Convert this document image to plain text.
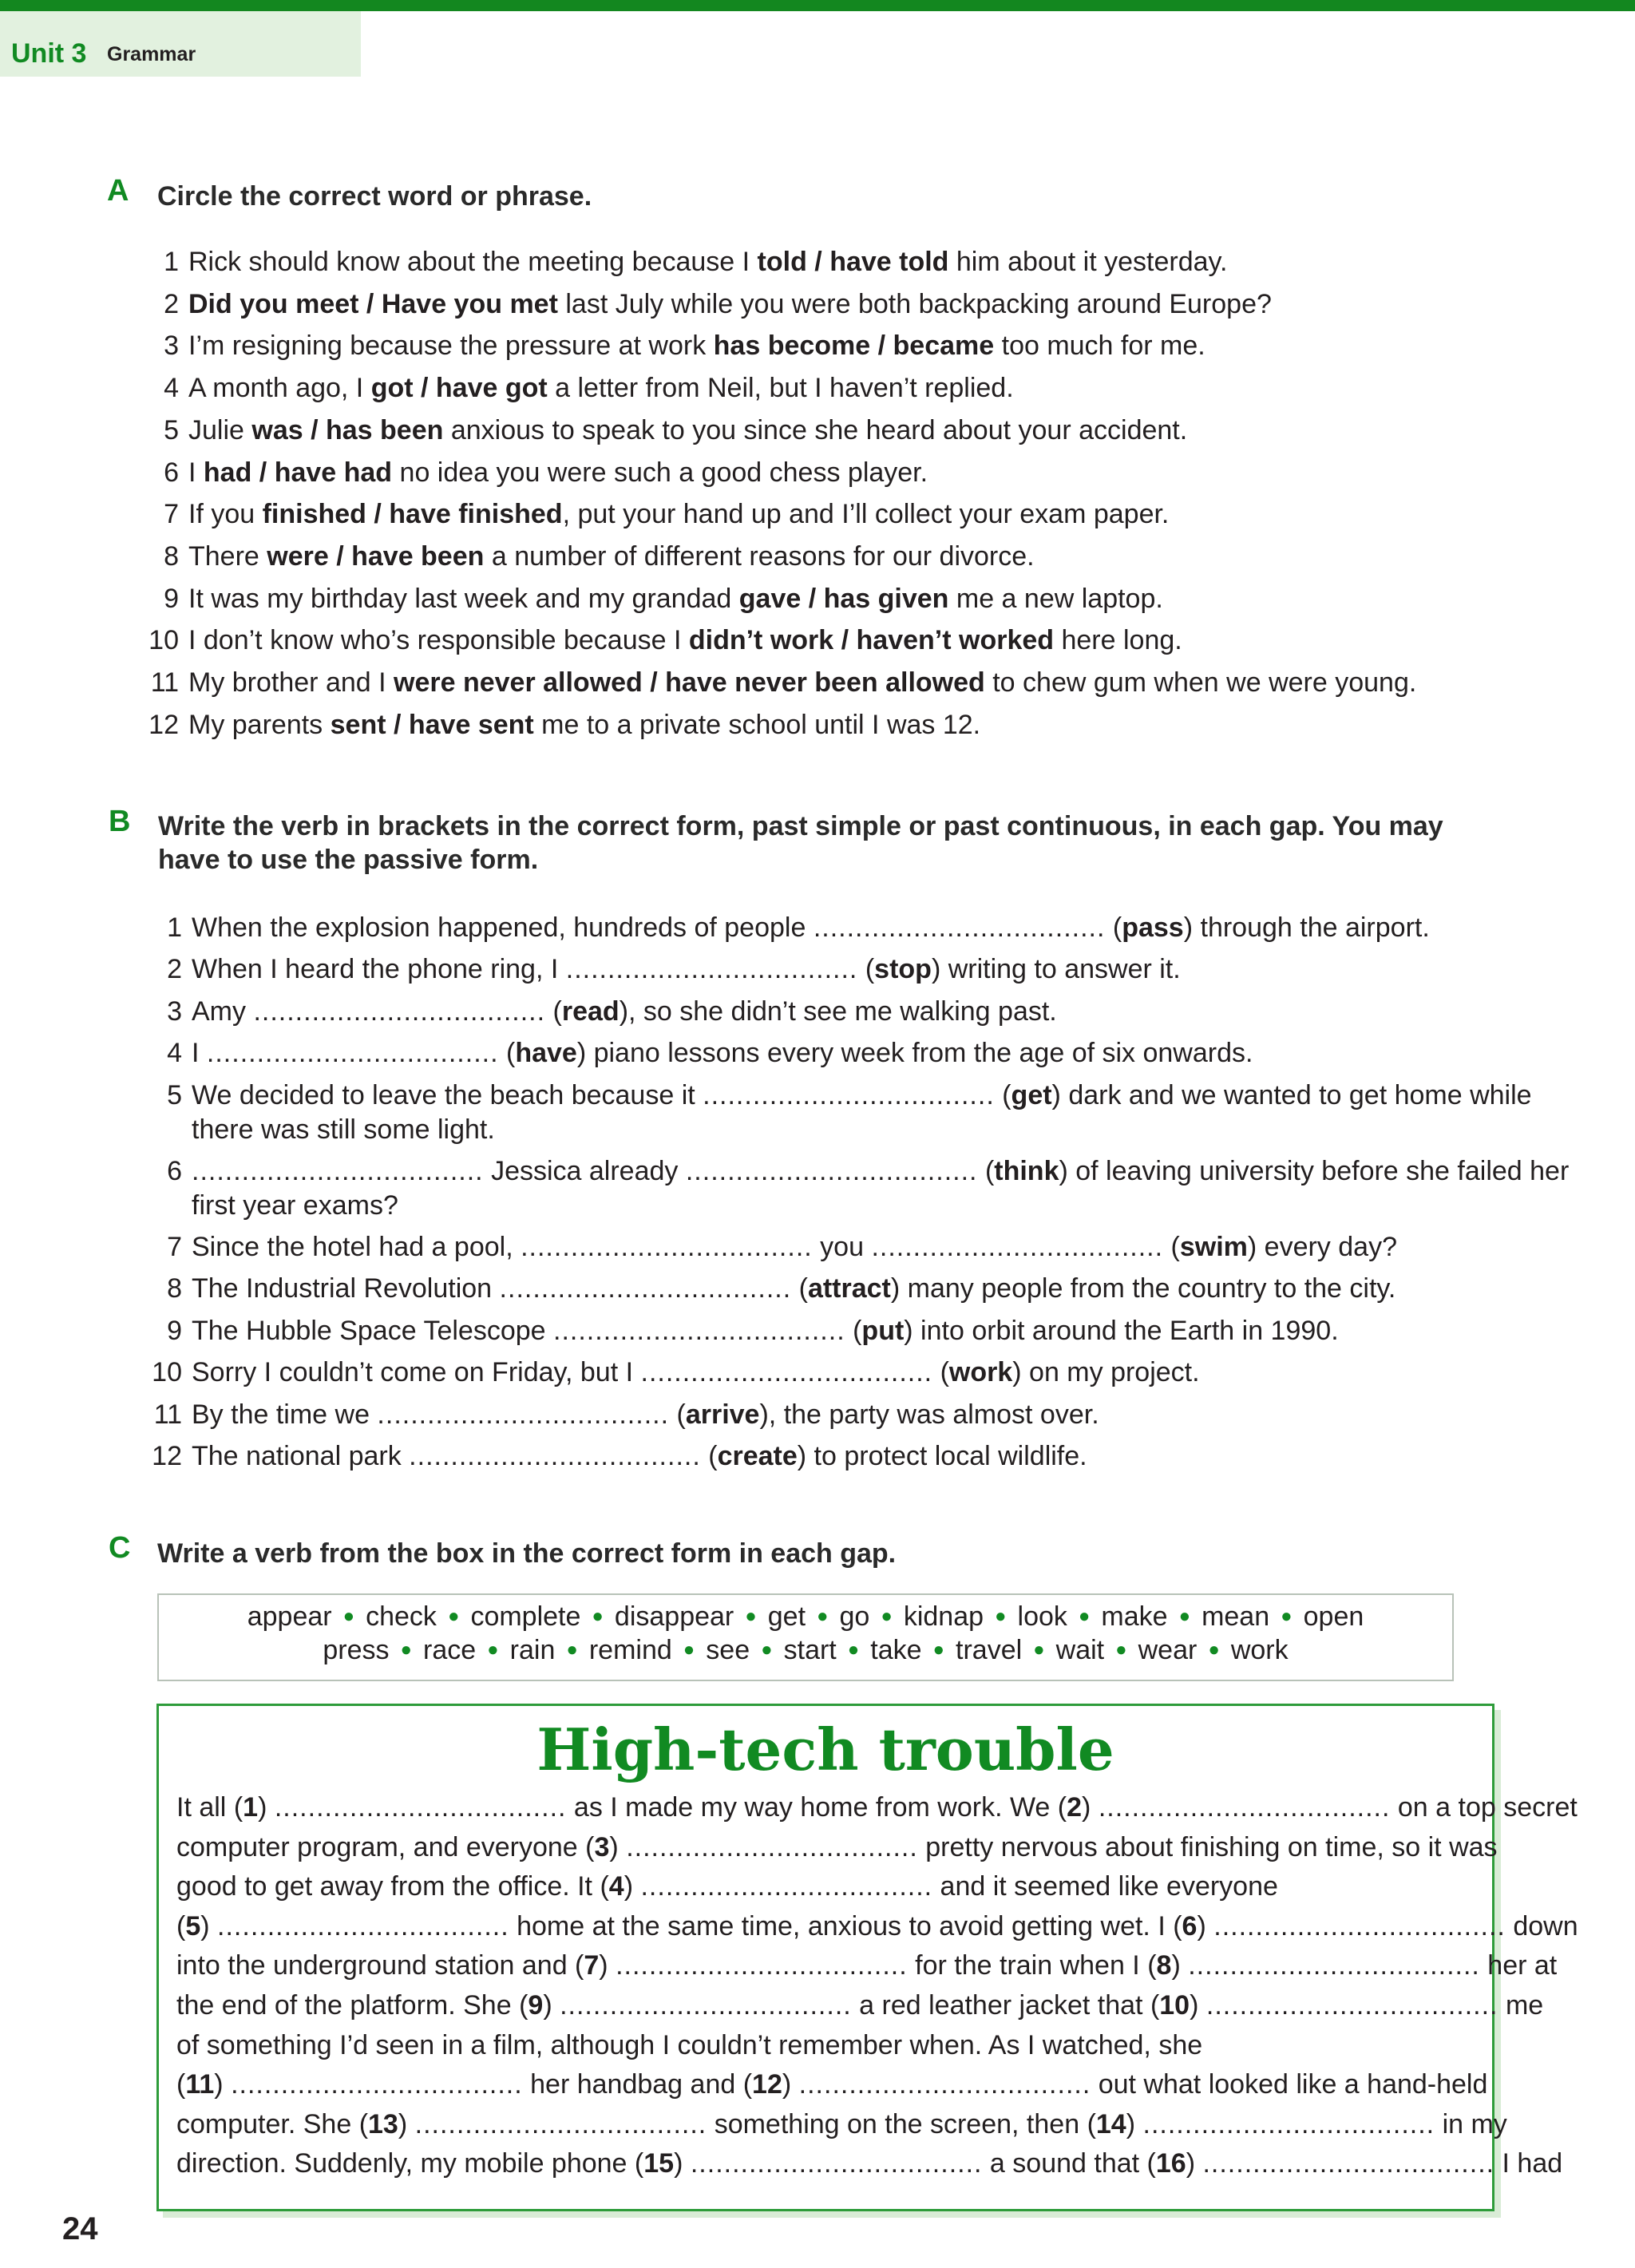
Unit 3 Grammar
A Circle the correct word or phrase.
1 Rick should know about the meeting because I told / have told him about it yesterday.
2 Did you meet / Have you met last July while you were both backpacking around Europe?
3 I’m resigning because the pressure at work has become / became too much for me.
4 A month ago, I got / have got a letter from Neil, but I haven’t replied.
5 Julie was / has been anxious to speak to you since she heard about your accident.
6 I had / have had no idea you were such a good chess player.
7 If you finished / have finished, put your hand up and I’ll collect your exam paper.
8 There were / have been a number of different reasons for our divorce.
9 It was my birthday last week and my grandad gave / has given me a new laptop.
10 I don’t know who’s responsible because I didn’t work / haven’t worked here long.
11 My brother and I were never allowed / have never been allowed to chew gum when we were young.
12 My parents sent / have sent me to a private school until I was 12.
B Write the verb in brackets in the correct form, past simple or past continuous, in each gap. You may
have to use the passive form.
1 When the explosion happened, hundreds of people ................................... (pass) through the airport.
2 When I heard the phone ring, I ................................... (stop) writing to answer it.
3 Amy ................................... (read), so she didn’t see me walking past.
4 I ................................... (have) piano lessons every week from the age of six onwards.
5 We decided to leave the beach because it ................................... (get) dark and we wanted to get home while
there was still some light.
6 ................................... Jessica already ................................... (think) of leaving university before she failed her
first year exams?
7 Since the hotel had a pool, ................................... you ................................... (swim) every day?
8 The Industrial Revolution ................................... (attract) many people from the country to the city.
9 The Hubble Space Telescope ................................... (put) into orbit around the Earth in 1990.
10 Sorry I couldn’t come on Friday, but I ................................... (work) on my project.
11 By the time we ................................... (arrive), the party was almost over.
12 The national park ................................... (create) to protect local wildlife.
C Write a verb from the box in the correct form in each gap.
appear ● check ● complete ● disappear ● get ● go ● kidnap ● look ● make ● mean ● open
press ● race ● rain ● remind ● see ● start ● take ● travel ● wait ● wear ● work
High-tech trouble
It all (1) ................................... as I made my way home from work. We (2) ................................... on a top secret
computer program, and everyone (3) ................................... pretty nervous about finishing on time, so it was
good to get away from the office. It (4) ................................... and it seemed like everyone
(5) ................................... home at the same time, anxious to avoid getting wet. I (6) ................................... down
into the underground station and (7) ................................... for the train when I (8) ................................... her at
the end of the platform. She (9) ................................... a red leather jacket that (10) ................................... me
of something I’d seen in a film, although I couldn’t remember when. As I watched, she
(11) ................................... her handbag and (12) ................................... out what looked like a hand-held
computer. She (13) ................................... something on the screen, then (14) ................................... in my
direction. Suddenly, my mobile phone (15) ................................... a sound that (16) ................................... I had
24
